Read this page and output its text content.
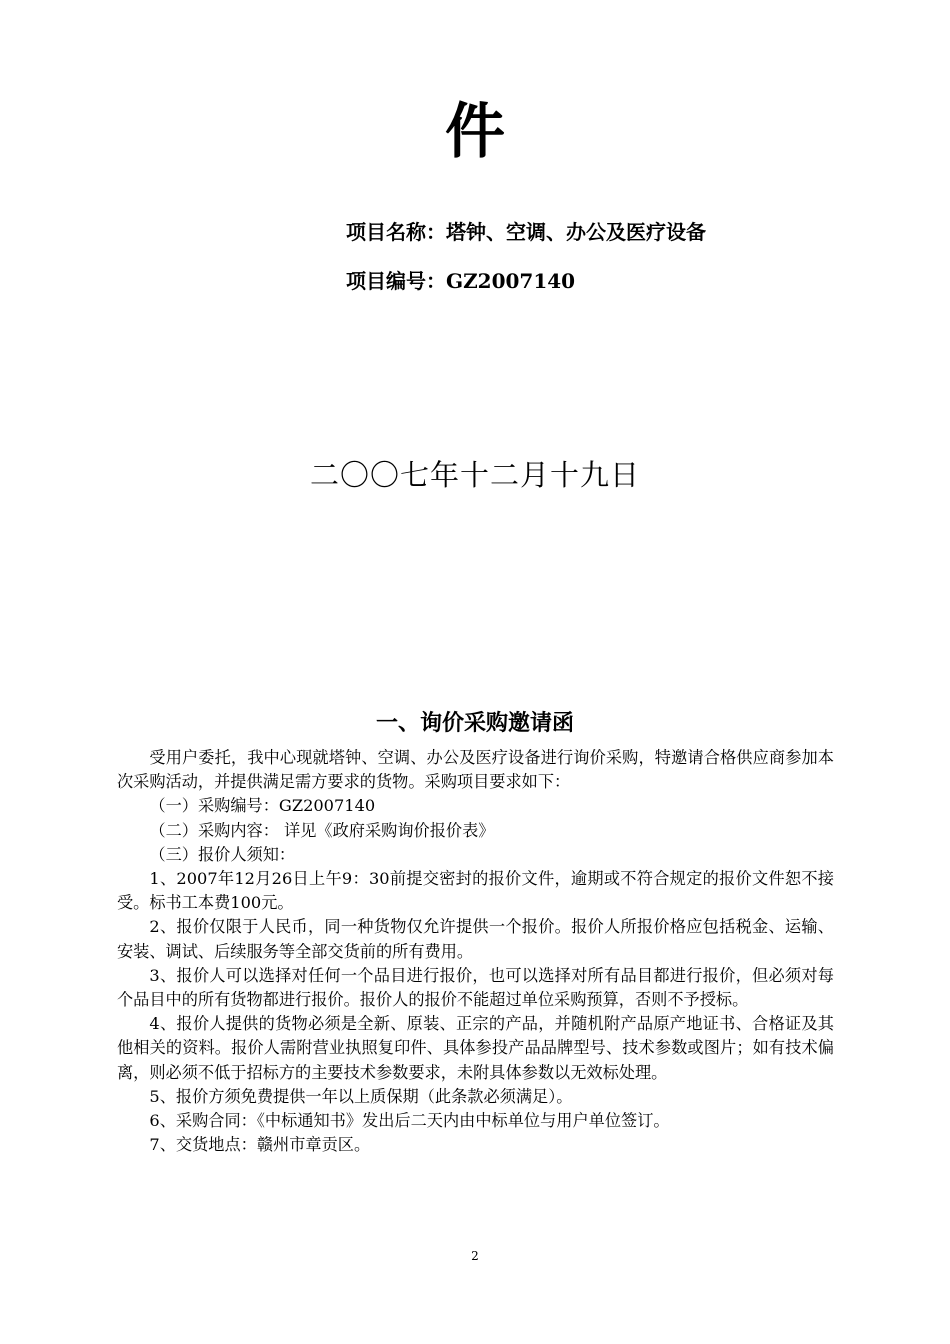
件
项目名称：塔钟、空调、办公及医疗设备
项目编号：GZ2007140
二〇〇七年十二月十九日
一、询价采购邀请函

受用户委托，我中心现就塔钟、空调、办公及医疗设备进行询价采购，特邀请合格供应商参加本次采购活动，并提供满足需方要求的货物。采购项目要求如下：

（一）采购编号：GZ2007140

（二）采购内容： 详见《政府采购询价报价表》

（三）报价人须知：

1、2007年12月26日上午9：30前提交密封的报价文件，逾期或不符合规定的报价文件恕不接受。标书工本费100元。

2、报价仅限于人民币，同一种货物仅允许提供一个报价。报价人所报价格应包括税金、运输、安装、调试、后续服务等全部交货前的所有费用。

3、报价人可以选择对任何一个品目进行报价，也可以选择对所有品目都进行报价，但必须对每个品目中的所有货物都进行报价。报价人的报价不能超过单位采购预算，否则不予授标。

4、报价人提供的货物必须是全新、原装、正宗的产品，并随机附产品原产地证书、合格证及其他相关的资料。报价人需附营业执照复印件、具体参投产品品牌型号、技术参数或图片；如有技术偏离，则必须不低于招标方的主要技术参数要求，未附具体参数以无效标处理。

5、报价方须免费提供一年以上质保期（此条款必须满足）。

6、采购合同：《中标通知书》发出后二天内由中标单位与用户单位签订。

7、交货地点：赣州市章贡区。

2
